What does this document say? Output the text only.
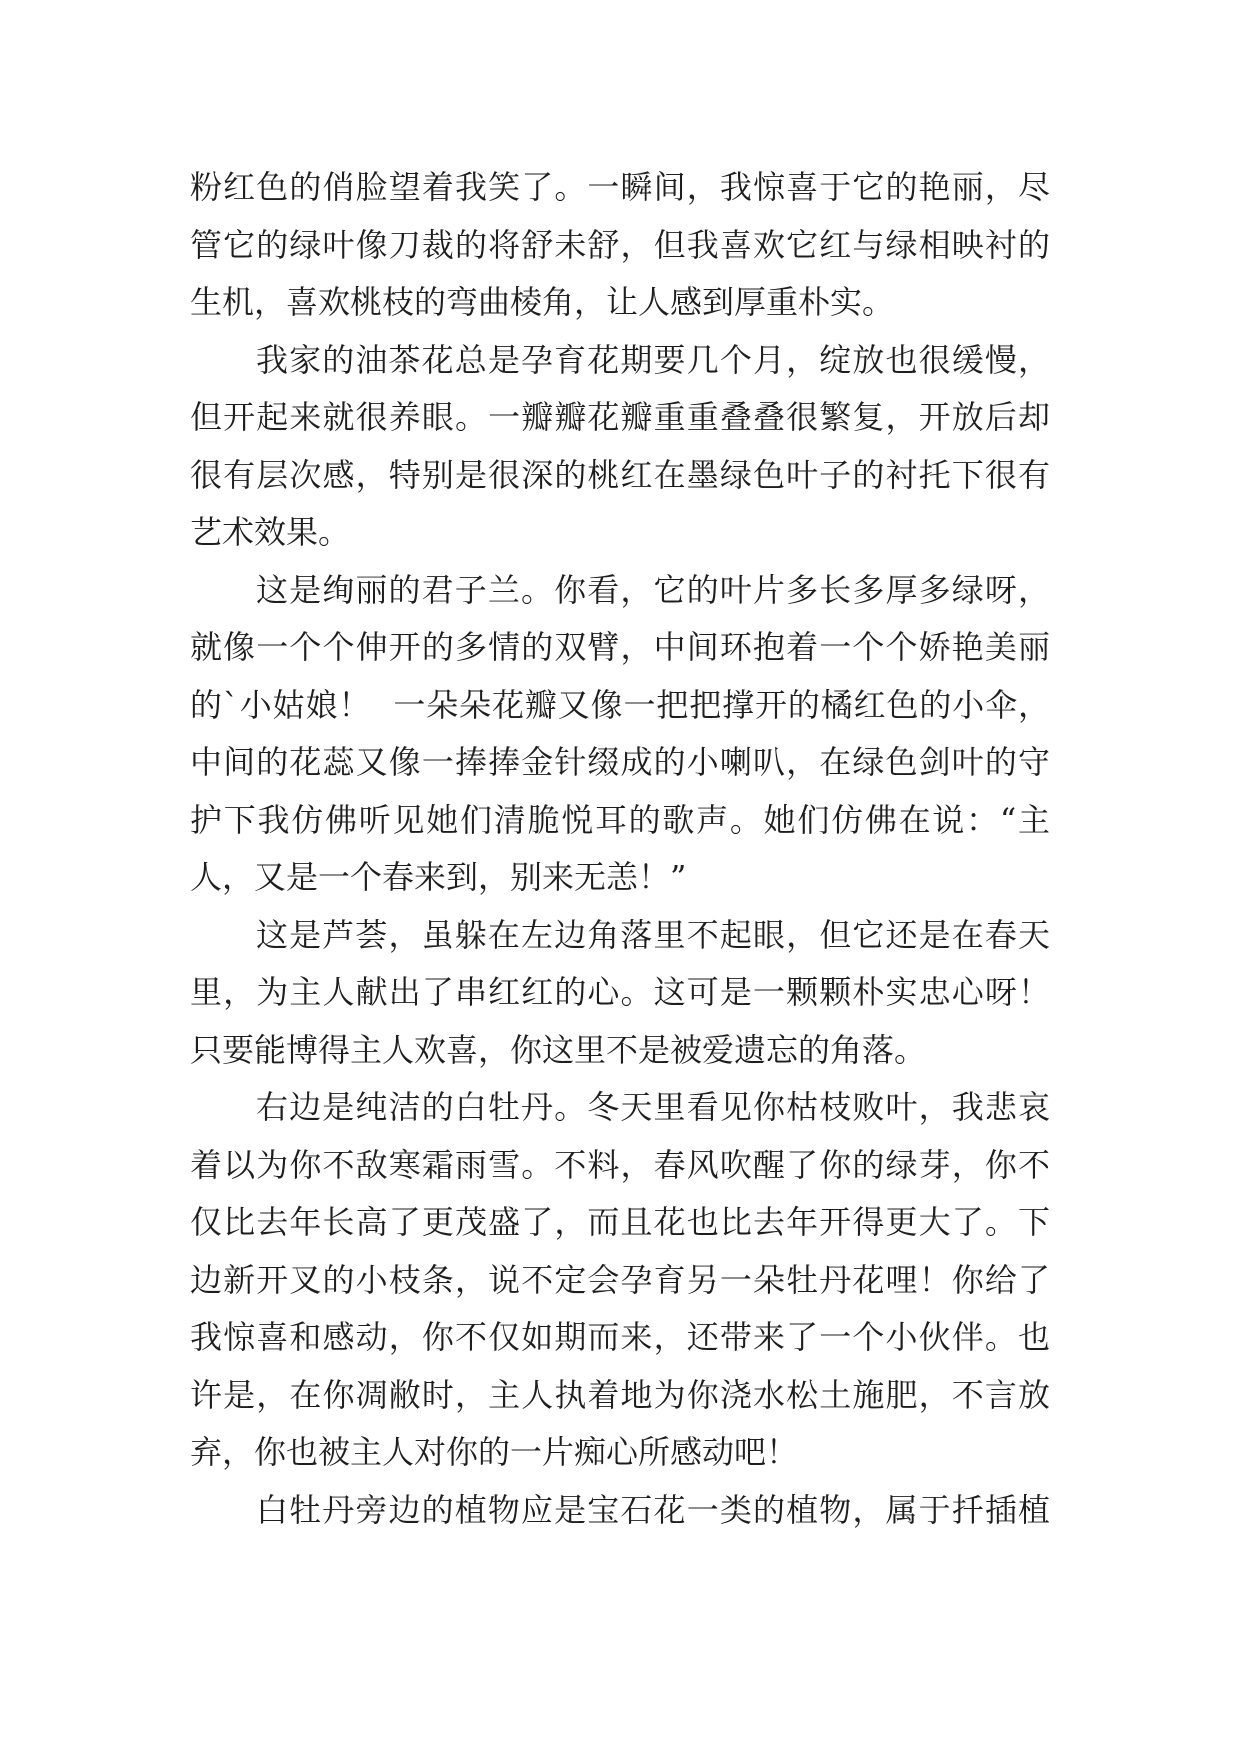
粉红色的俏脸望着我笑了。一瞬间，我惊喜于它的艳丽，尽
管它的绿叶像刀裁的将舒未舒，但我喜欢它红与绿相映衬的
生机，喜欢桃枝的弯曲棱角，让人感到厚重朴实。
我家的油茶花总是孕育花期要几个月，绽放也很缓慢，
但开起来就很养眼。一瓣瓣花瓣重重叠叠很繁复，开放后却
很有层次感，特别是很深的桃红在墨绿色叶子的衬托下很有
艺术效果。
这是绚丽的君子兰。你看，它的叶片多长多厚多绿呀，
就像一个个伸开的多情的双臂，中间环抱着一个个娇艳美丽
的`小姑娘！  一朵朵花瓣又像一把把撑开的橘红色的小伞，
中间的花蕊又像一捧捧金针缀成的小喇叭，在绿色剑叶的守
护下我仿佛听见她们清脆悦耳的歌声。她们仿佛在说：“主
人，又是一个春来到，别来无恙！”
这是芦荟，虽躲在左边角落里不起眼，但它还是在春天
里，为主人献出了串红红的心。这可是一颗颗朴实忠心呀！
只要能博得主人欢喜，你这里不是被爱遗忘的角落。
右边是纯洁的白牡丹。冬天里看见你枯枝败叶，我悲哀
着以为你不敌寒霜雨雪。不料，春风吹醒了你的绿芽，你不
仅比去年长高了更茂盛了，而且花也比去年开得更大了。下
边新开叉的小枝条，说不定会孕育另一朵牡丹花哩！你给了
我惊喜和感动，你不仅如期而来，还带来了一个小伙伴。也
许是，在你凋敝时，主人执着地为你浇水松土施肥，不言放
弃，你也被主人对你的一片痴心所感动吧！
白牡丹旁边的植物应是宝石花一类的植物，属于扦插植
